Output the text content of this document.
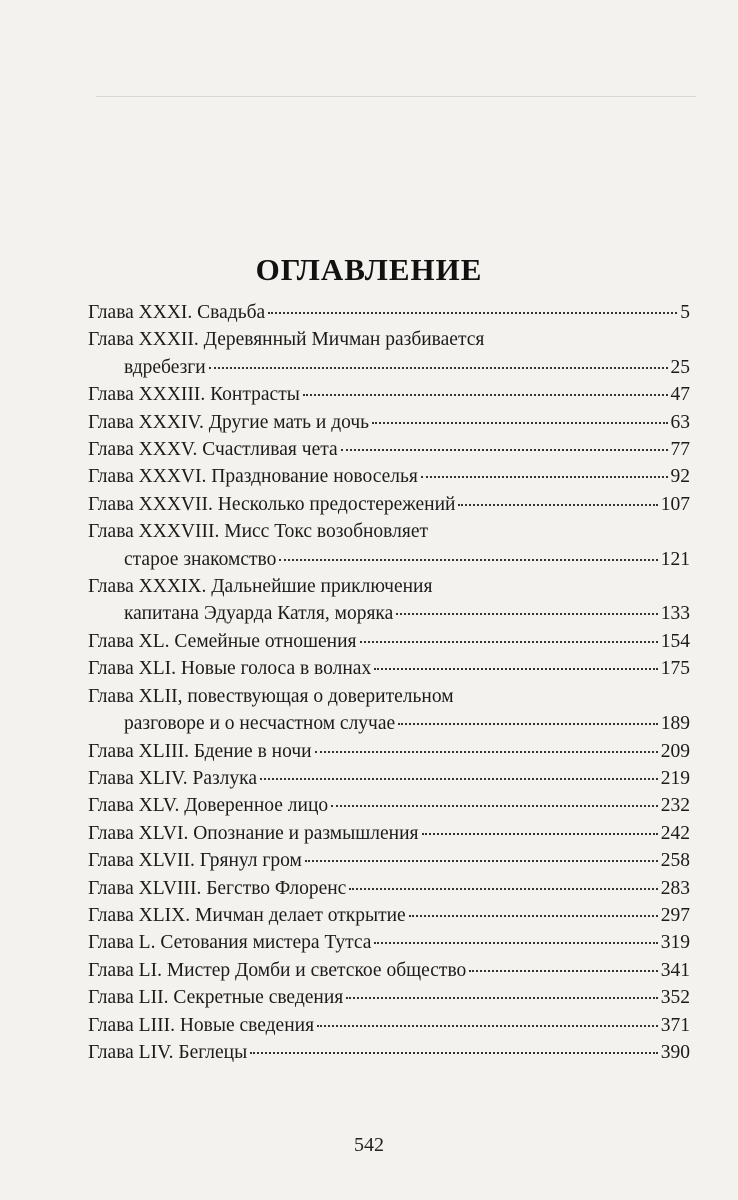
ОГЛАВЛЕНИЕ
Глава XXXI. Свадьба	5
Глава XXXII. Деревянный Мичман разбивается
вдребезги	25
Глава XXXIII. Контрасты	47
Глава XXXIV. Другие мать и дочь	63
Глава XXXV. Счастливая чета	77
Глава XXXVI. Празднование новоселья	92
Глава XXXVII. Несколько предостережений	107
Глава XXXVIII. Мисс Токс возобновляет
старое знакомство	121
Глава XXXIX. Дальнейшие приключения
капитана Эдуарда Катля, моряка	133
Глава XL. Семейные отношения	154
Глава XLI. Новые голоса в волнах	175
Глава XLII, повествующая о доверительном
разговоре и о несчастном случае	189
Глава XLIII. Бдение в ночи	209
Глава XLIV. Разлука	219
Глава XLV. Доверенное лицо	232
Глава XLVI. Опознание и размышления	242
Глава XLVII. Грянул гром	258
Глава XLVIII. Бегство Флоренс	283
Глава XLIX. Мичман делает открытие	297
Глава L. Сетования мистера Тутса	319
Глава LI. Мистер Домби и светское общество	341
Глава LII. Секретные сведения	352
Глава LIII. Новые сведения	371
Глава LIV. Беглецы	390
542
